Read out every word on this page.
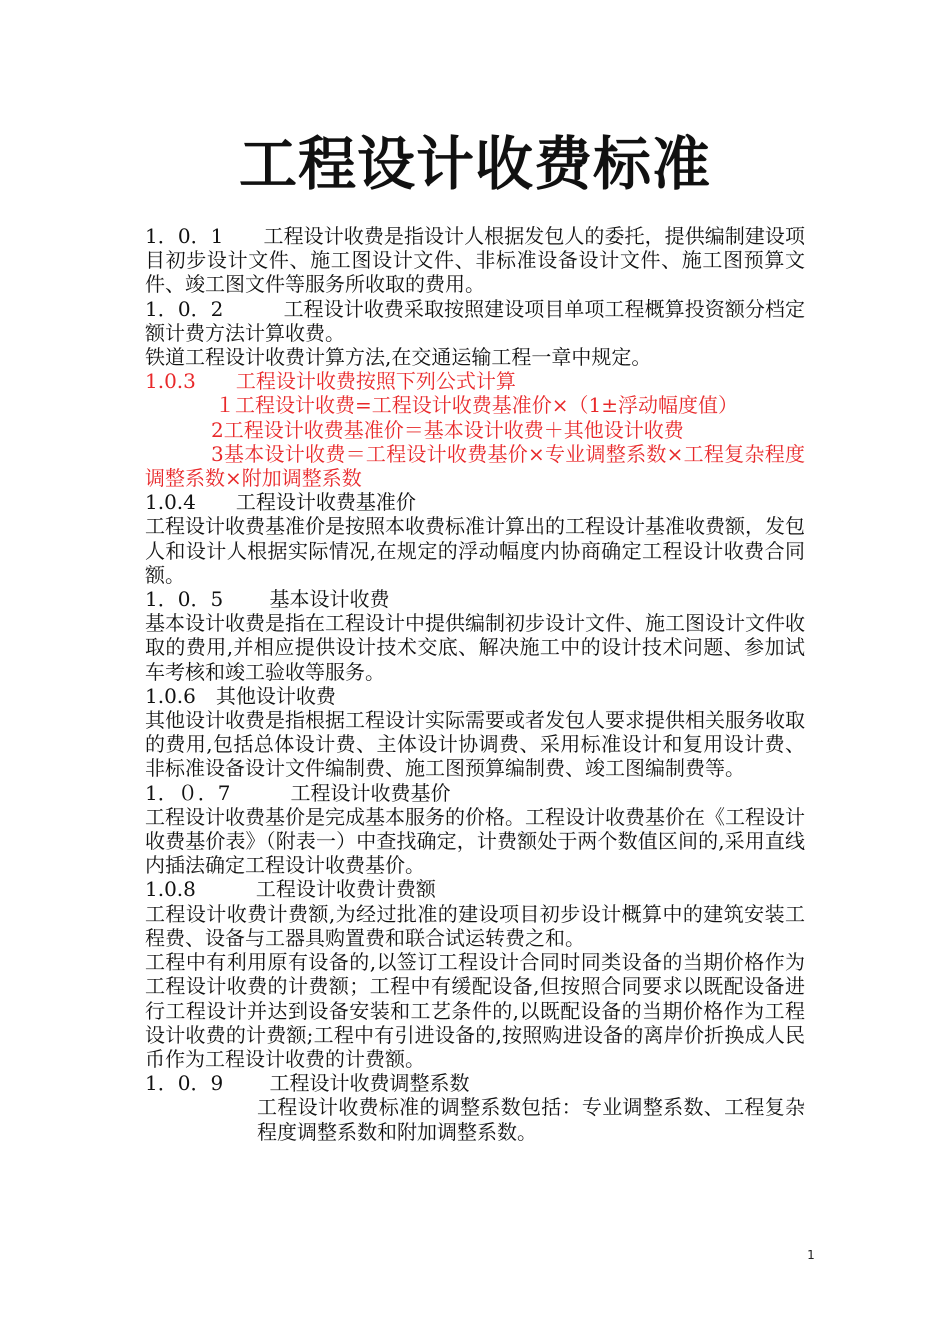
工程设计收费标准

1．0．1　　工程设计收费是指设计人根据发包人的委托，提供编制建设项目初步设计文件、施工图设计文件、非标准设备设计文件、施工图预算文件、竣工图文件等服务所收取的费用。

1．0．2　　　工程设计收费采取按照建设项目单项工程概算投资额分档定额计费方法计算收费。

铁道工程设计收费计算方法,在交通运输工程一章中规定。

1.0.3　　工程设计收费按照下列公式计算

１工程设计收费=工程设计收费基准价×（1±浮动幅度值）

2工程设计收费基准价＝基本设计收费＋其他设计收费

3基本设计收费＝工程设计收费基价×专业调整系数×工程复杂程度调整系数×附加调整系数

1.0.4　　工程设计收费基准价

工程设计收费基准价是按照本收费标准计算出的工程设计基准收费额，发包人和设计人根据实际情况,在规定的浮动幅度内协商确定工程设计收费合同额。

1．0．5　　 基本设计收费

基本设计收费是指在工程设计中提供编制初步设计文件、施工图设计文件收取的费用,并相应提供设计技术交底、解决施工中的设计技术问题、参加试车考核和竣工验收等服务。

1.0.6　其他设计收费

其他设计收费是指根据工程设计实际需要或者发包人要求提供相关服务收取的费用,包括总体设计费、主体设计协调费、采用标准设计和复用设计费、非标准设备设计文件编制费、施工图预算编制费、竣工图编制费等。

1．０．7　　　工程设计收费基价

工程设计收费基价是完成基本服务的价格。工程设计收费基价在《工程设计收费基价表》（附表一）中查找确定，计费额处于两个数值区间的,采用直线内插法确定工程设计收费基价。

1.0.8　　　工程设计收费计费额

工程设计收费计费额,为经过批准的建设项目初步设计概算中的建筑安装工程费、设备与工器具购置费和联合试运转费之和。

工程中有利用原有设备的,以签订工程设计合同时同类设备的当期价格作为工程设计收费的计费额；工程中有缓配设备,但按照合同要求以既配设备进行工程设计并达到设备安装和工艺条件的,以既配设备的当期价格作为工程设计收费的计费额;工程中有引进设备的,按照购进设备的离岸价折换成人民币作为工程设计收费的计费额。

1．0．9　　 工程设计收费调整系数

工程设计收费标准的调整系数包括：专业调整系数、工程复杂程度调整系数和附加调整系数。

1
